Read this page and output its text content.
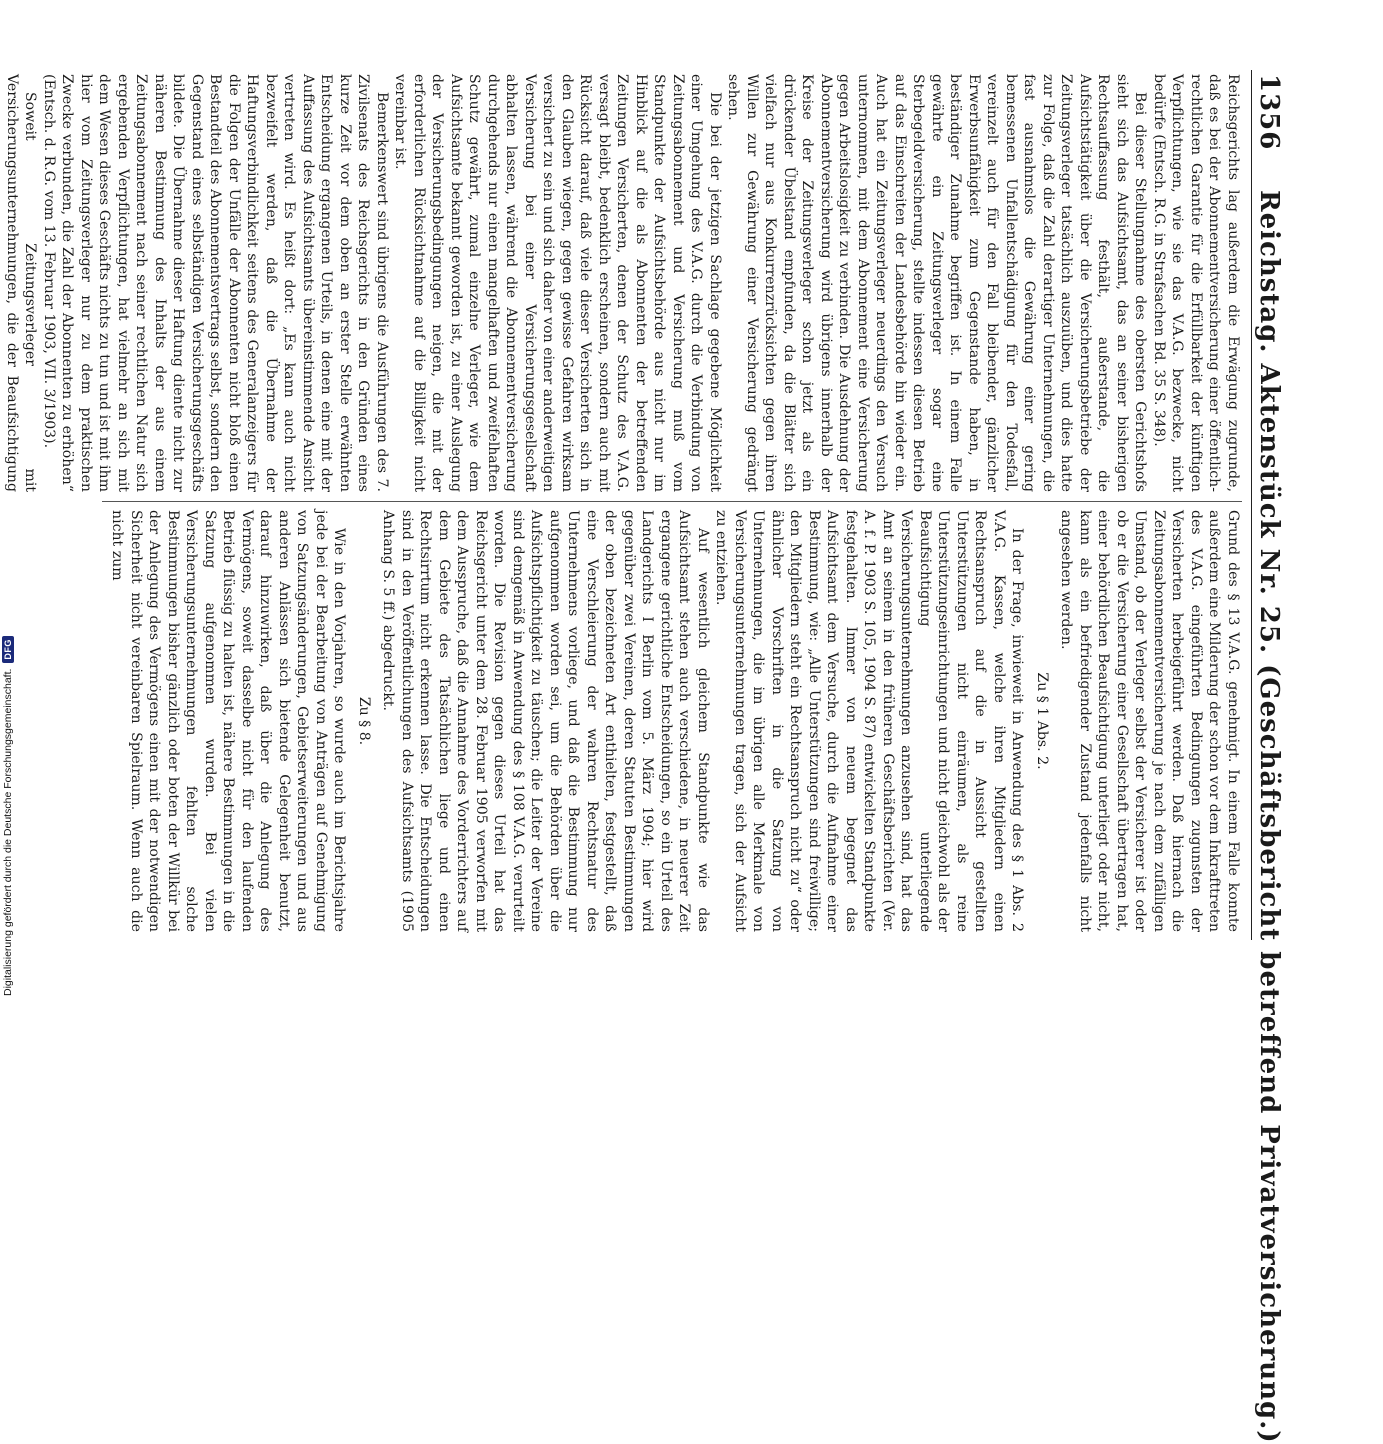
1356
Reichstag. Aktenstück Nr. 25. (Geschäftsbericht betreffend Privatversicherung.)

Reichsgerichts lag außerdem die Erwägung zugrunde, daß es bei der Abonnementversicherung einer öffentlich-rechtlichen Garantie für die Erfüllbarkeit der künftigen Verpflichtungen, wie sie das V.A.G. bezwecke, nicht bedürfe (Entsch. R.G. in Strafsachen Bd. 35 S. 348).

Bei dieser Stellungnahme des obersten Gerichtshofs sieht sich das Aufsichtsamt, das an seiner bisherigen Rechtsauffassung festhält, außerstande, die Aufsichtstätigkeit über die Versicherungsbetriebe der Zeitungsverleger tatsächlich auszuüben, und dies hatte zur Folge, daß die Zahl derartiger Unternehmungen, die fast ausnahmslos die Gewährung einer gering bemessenen Unfallentschädigung für den Todesfall, vereinzelt auch für den Fall bleibender, gänzlicher Erwerbsunfähigkeit zum Gegenstande haben, in beständiger Zunahme begriffen ist. In einem Falle gewährte ein Zeitungsverleger sogar eine Sterbegeldversicherung, stellte indessen diesen Betrieb auf das Einschreiten der Landesbehörde hin wieder ein. Auch hat ein Zeitungsverleger neuerdings den Versuch unternommen, mit dem Abonnement eine Versicherung gegen Arbeitslosigkeit zu verbinden. Die Ausdehnung der Abonnementversicherung wird übrigens innerhalb der Kreise der Zeitungsverleger schon jetzt als ein drückender Übelstand empfunden, da die Blätter sich vielfach nur aus Konkurrenzrücksichten gegen ihren Willen zur Gewährung einer Versicherung gedrängt sehen.

Die bei der jetzigen Sachlage gegebene Möglichkeit einer Umgehung des V.A.G. durch die Verbindung von Zeitungsabonnement und Versicherung muß vom Standpunkte der Aufsichtsbehörde aus nicht nur im Hinblick auf die als Abonnenten der betreffenden Zeitungen Versicherten, denen der Schutz des V.A.G. versagt bleibt, bedenklich erscheinen, sondern auch mit Rücksicht darauf, daß viele dieser Versicherten sich in den Glauben wiegen, gegen gewisse Gefahren wirksam versichert zu sein und sich daher von einer anderweitigen Versicherung bei einer Versicherungsgesellschaft abhalten lassen, während die Abonnementversicherung durchgehends nur einen mangelhaften und zweifelhaften Schutz gewährt, zumal einzelne Verleger, wie dem Aufsichtsamte bekannt geworden ist, zu einer Auslegung der Versicherungsbedingungen neigen, die mit der erforderlichen Rücksichtnahme auf die Billigkeit nicht vereinbar ist.

Bemerkenswert sind übrigens die Ausführungen des 7. Zivilsenats des Reichsgerichts in den Gründen eines kurze Zeit vor dem oben an erster Stelle erwähnten Entscheidung ergangenen Urteils, in denen eine mit der Auffassung des Aufsichtsamts übereinstimmende Ansicht vertreten wird. Es heißt dort: „Es kann auch nicht bezweifelt werden, daß die Übernahme der Haftungsverbindlichkeit seitens des Generalanzeigers für die Folgen der Unfälle der Abonnenten nicht bloß einen Bestandteil des Abonnementsvertrags selbst, sondern den Gegenstand eines selbständigen Versicherungsgeschäfts bildete. Die Übernahme dieser Haftung diente nicht zur näheren Bestimmung des Inhalts der aus einem Zeitungsabonnement nach seiner rechtlichen Natur sich ergebenden Verpflichtungen, hat vielmehr an sich mit dem Wesen dieses Geschäfts nichts zu tun und ist mit ihm hier vom Zeitungsverleger nur zu dem praktischen Zwecke verbunden, die Zahl der Abonnenten zu erhöhen“ (Entsch. d. R.G. vom 13. Februar 1903, VII. 3/1903).

Soweit Zeitungsverleger mit Versicherungsunternehmungen, die der Beaufsichtigung

Grund des § 13 V.A.G. genehmigt. In einem Falle konnte außerdem eine Milderung der schon vor dem Inkrafttreten des V.A.G. eingeführten Bedingungen zugunsten der Versicherten herbeigeführt werden. Daß hiernach die Zeitungsabonnementversicherung je nach dem zufälligen Umstand, ob der Verleger selbst der Versicherer ist oder ob er die Versicherung einer Gesellschaft übertragen hat, einer behördlichen Beaufsichtigung unterliegt oder nicht, kann als ein befriedigender Zustand jedenfalls nicht angesehen werden.

Zu § 1 Abs. 2.

In der Frage, inwieweit in Anwendung des § 1 Abs. 2 V.A.G. Kassen, welche ihren Mitgliedern einen Rechtsanspruch auf die in Aussicht gestellten Unterstützungen nicht einräumen, als reine Unterstützungseinrichtungen und nicht gleichwohl als der Beaufsichtigung unterliegende Versicherungsunternehmungen anzusehen sind, hat das Amt an seinem in den früheren Geschäftsberichten (Ver. A. f. P. 1903 S. 105, 1904 S. 87) entwickelten Standpunkte festgehalten. Immer von neuem begegnet das Aufsichtsamt dem Versuche, durch die Aufnahme einer Bestimmung, wie: „Alle Unterstützungen sind freiwillige; den Mitgliedern steht ein Rechtsanspruch nicht zu“ oder ähnlicher Vorschriften in die Satzung von Unternehmungen, die im übrigen alle Merkmale von Versicherungsunternehmungen tragen, sich der Aufsicht zu entziehen.

Auf wesentlich gleichem Standpunkte wie das Aufsichtsamt stehen auch verschiedene, in neuerer Zeit ergangene gerichtliche Entscheidungen, so ein Urteil des Landgerichts I Berlin vom 5. März 1904; hier wird gegenüber zwei Vereinen, deren Statuten Bestimmungen der oben bezeichneten Art enthielten, festgestellt, daß eine Verschleierung der wahren Rechtsnatur des Unternehmens vorliege, und daß die Bestimmung nur aufgenommen worden sei, um die Behörden über die Aufsichtspflichtigkeit zu täuschen; die Leiter der Vereine sind demgemäß in Anwendung des § 108 V.A.G. verurteilt worden. Die Revision gegen dieses Urteil hat das Reichsgericht unter dem 28. Februar 1905 verworfen mit dem Ausspruche, daß die Annahme des Vorderrichters auf dem Gebiete des Tatsächlichen liege und einen Rechtsirrtum nicht erkennen lasse. Die Entscheidungen sind in den Veröffentlichungen des Aufsichtsamts (1905 Anhang S. 5 ff.) abgedruckt.

Zu § 8.

Wie in den Vorjahren, so wurde auch im Berichtsjahre jede bei der Bearbeitung von Anträgen auf Genehmigung von Satzungsänderungen, Gebietserweiterungen und aus anderen Anlässen sich bietende Gelegenheit benutzt, darauf hinzuwirken, daß über die Anlegung des Vermögens, soweit dasselbe nicht für den laufenden Betrieb flüssig zu halten ist, nähere Bestimmungen in die Satzung aufgenommen wurden. Bei vielen Versicherungsunternehmungen fehlten solche Bestimmungen bisher gänzlich oder boten der Willkür bei der Anlegung des Vermögens einen mit der notwendigen Sicherheit nicht vereinbaren Spielraum. Wenn auch die nicht zum

Digitalisierung gefördert durch die Deutsche Forschungsgemeinschaft.
DFG
